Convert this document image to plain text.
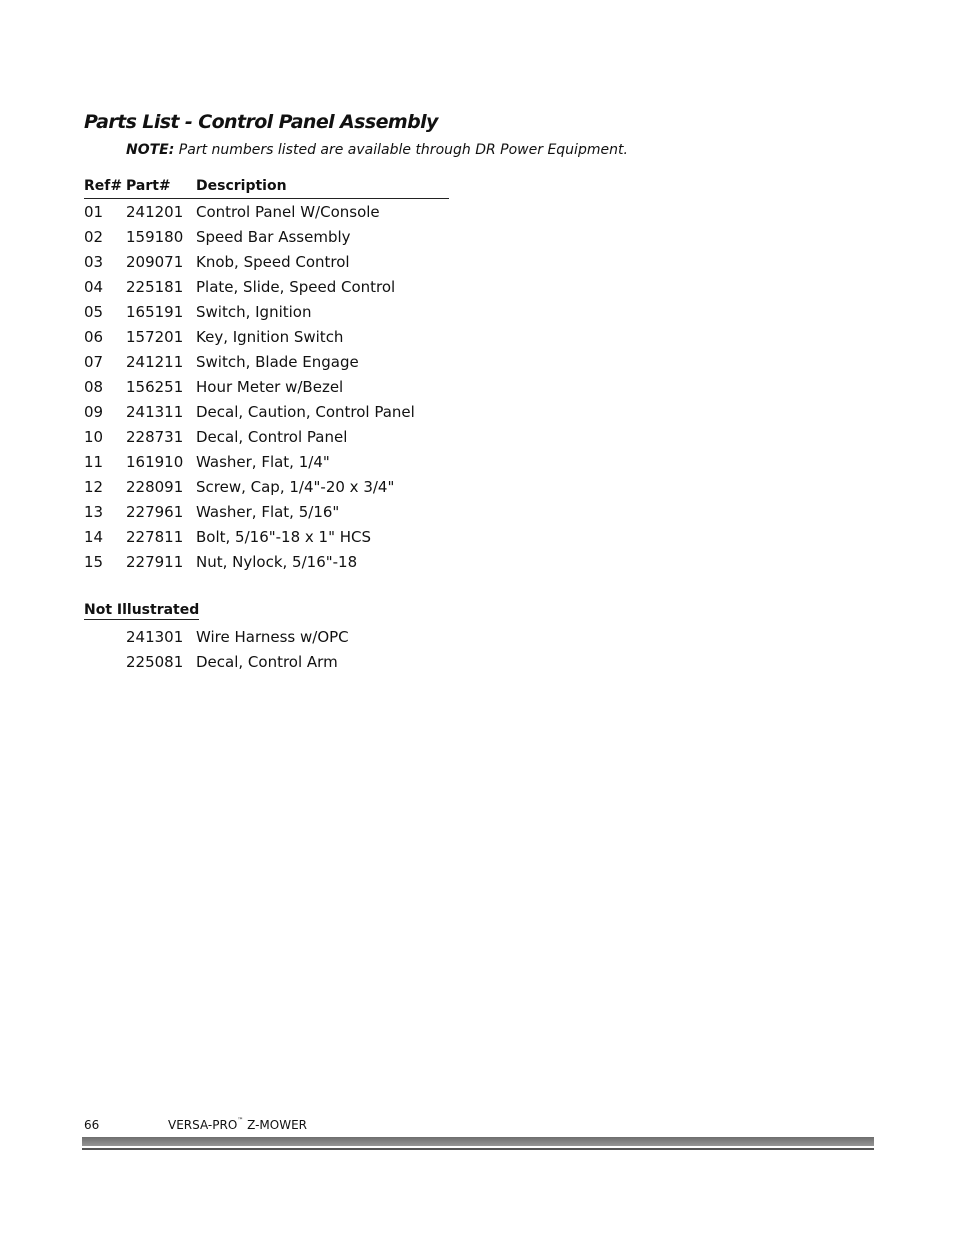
Parts List - Control Panel Assembly
NOTE: Part numbers listed are available through DR Power Equipment.
Ref# Part# Description
01 241201 Control Panel W/Console
02 159180 Speed Bar Assembly
03 209071 Knob, Speed Control
04 225181 Plate, Slide, Speed Control
05 165191 Switch, Ignition
06 157201 Key, Ignition Switch
07 241211 Switch, Blade Engage
08 156251 Hour Meter w/Bezel
09 241311 Decal, Caution, Control Panel
10 228731 Decal, Control Panel
11 161910 Washer, Flat, 1/4"
12 228091 Screw, Cap, 1/4"-20 x 3/4"
13 227961 Washer, Flat, 5/16"
14 227811 Bolt, 5/16"-18 x 1" HCS
15 227911 Nut, Nylock, 5/16"-18
Not Illustrated
241301 Wire Harness w/OPC
225081 Decal, Control Arm
66	VERSA-PRO™ Z-MOWER
